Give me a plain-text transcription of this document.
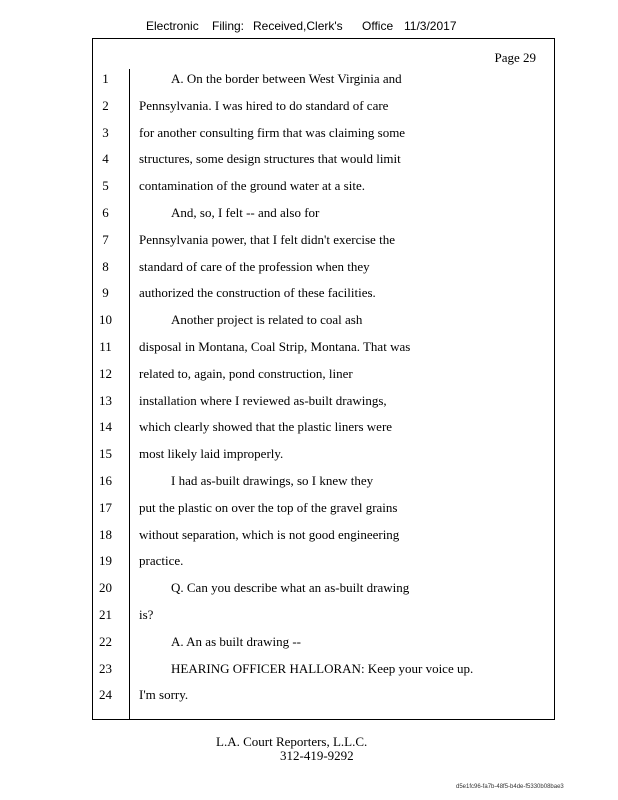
Electronic Filing: Received,Clerk's Office 11/3/2017
Page 29
1	A. On the border between West Virginia and
2	Pennsylvania. I was hired to do standard of care
3	for another consulting firm that was claiming some
4	structures, some design structures that would limit
5	contamination of the ground water at a site.
6	And, so, I felt -- and also for
7	Pennsylvania power, that I felt didn't exercise the
8	standard of care of the profession when they
9	authorized the construction of these facilities.
10	Another project is related to coal ash
11	disposal in Montana, Coal Strip, Montana. That was
12	related to, again, pond construction, liner
13	installation where I reviewed as-built drawings,
14	which clearly showed that the plastic liners were
15	most likely laid improperly.
16	I had as-built drawings, so I knew they
17	put the plastic on over the top of the gravel grains
18	without separation, which is not good engineering
19	practice.
20	Q. Can you describe what an as-built drawing
21	is?
22	A. An as built drawing --
23	HEARING OFFICER HALLORAN: Keep your voice up.
24	I'm sorry.
L.A. Court Reporters, L.L.C.
312-419-9292
d5e1fc96-fa7b-48f5-b4de-f5330b08bae3
